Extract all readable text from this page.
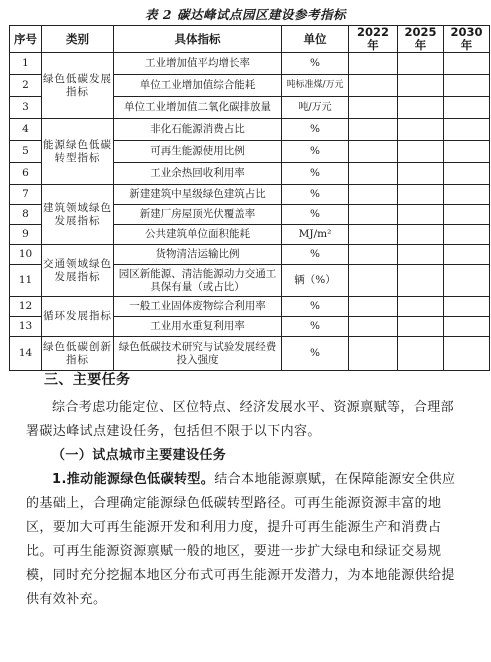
表 2 碳达峰试点园区建设参考指标
序号	类别	具体指标	单位	2022 年	2025 年	2030 年
1	绿色低碳发展指标	工业增加值平均增长率	%			
2		单位工业增加值综合能耗	吨标准煤/万元			
3		单位工业增加值二氧化碳排放量	吨/万元			
4	能源绿色低碳转型指标	非化石能源消费占比	%			
5		可再生能源使用比例	%			
6		工业余热回收利用率	%			
7	建筑领域绿色发展指标	新建建筑中星级绿色建筑占比	%			
8		新建厂房屋顶光伏覆盖率	%			
9		公共建筑单位面积能耗	MJ/m²			
10	交通领域绿色发展指标	货物清洁运输比例	%			
11		园区新能源、清洁能源动力交通工具保有量（或占比）	辆（%）			
12	循环发展指标	一般工业固体废物综合利用率	%			
13		工业用水重复利用率	%			
14	绿色低碳创新指标	绿色低碳技术研究与试验发展经费投入强度	%			
三、主要任务
综合考虑功能定位、区位特点、经济发展水平、资源禀赋等，合理部署碳达峰试点建设任务，包括但不限于以下内容。
（一）试点城市主要建设任务
1.推动能源绿色低碳转型。结合本地能源禀赋，在保障能源安全供应的基础上，合理确定能源绿色低碳转型路径。可再生能源资源丰富的地区，要加大可再生能源开发和利用力度，提升可再生能源生产和消费占比。可再生能源资源禀赋一般的地区，要进一步扩大绿电和绿证交易规模，同时充分挖掘本地区分布式可再生能源开发潜力，为本地能源供给提供有效补充。
